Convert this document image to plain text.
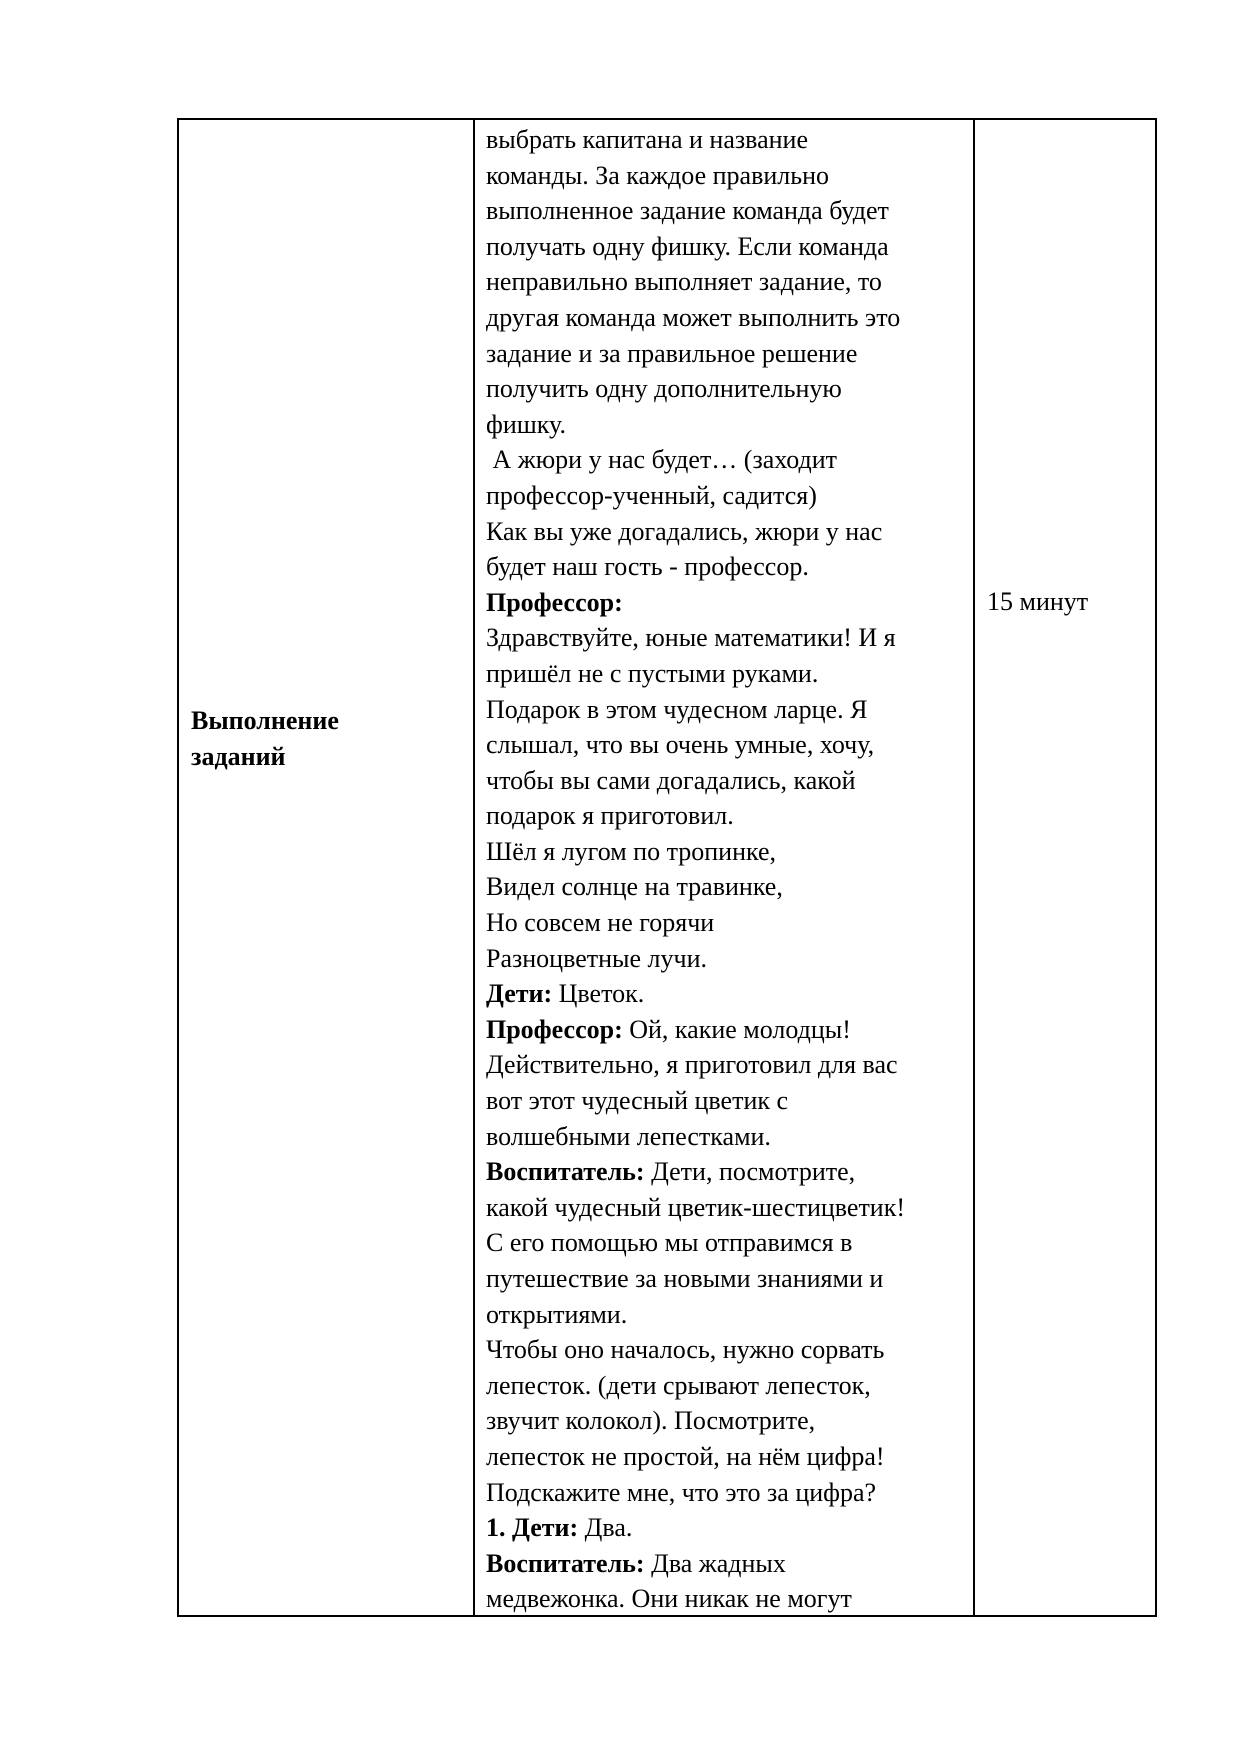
Выполнение
заданий
выбрать капитана и название
команды. За каждое правильно
выполненное задание команда будет
получать одну фишку. Если команда
неправильно выполняет задание, то
другая команда может выполнить это
задание и за правильное решение
получить одну дополнительную
фишку.
А жюри у нас будет… (заходит
профессор-ученный, садится)
Как вы уже догадались, жюри у нас
будет наш гость - профессор.
Профессор:
Здравствуйте, юные математики! И я
пришёл не с пустыми руками.
Подарок в этом чудесном ларце. Я
слышал, что вы очень умные, хочу,
чтобы вы сами догадались, какой
подарок я приготовил.
Шёл я лугом по тропинке,
Видел солнце на травинке,
Но совсем не горячи
Разноцветные лучи.
Дети: Цветок.
Профессор: Ой, какие молодцы!
Действительно, я приготовил для вас
вот этот чудесный цветик с
волшебными лепестками.
Воспитатель: Дети, посмотрите,
какой чудесный цветик-шестицветик!
С его помощью мы отправимся в
путешествие за новыми знаниями и
открытиями.
Чтобы оно началось, нужно сорвать
лепесток. (дети срывают лепесток,
звучит колокол). Посмотрите,
лепесток не простой, на нём цифра!
Подскажите мне, что это за цифра?
1. Дети: Два.
Воспитатель: Два жадных
медвежонка. Они никак не могут
15 минут
